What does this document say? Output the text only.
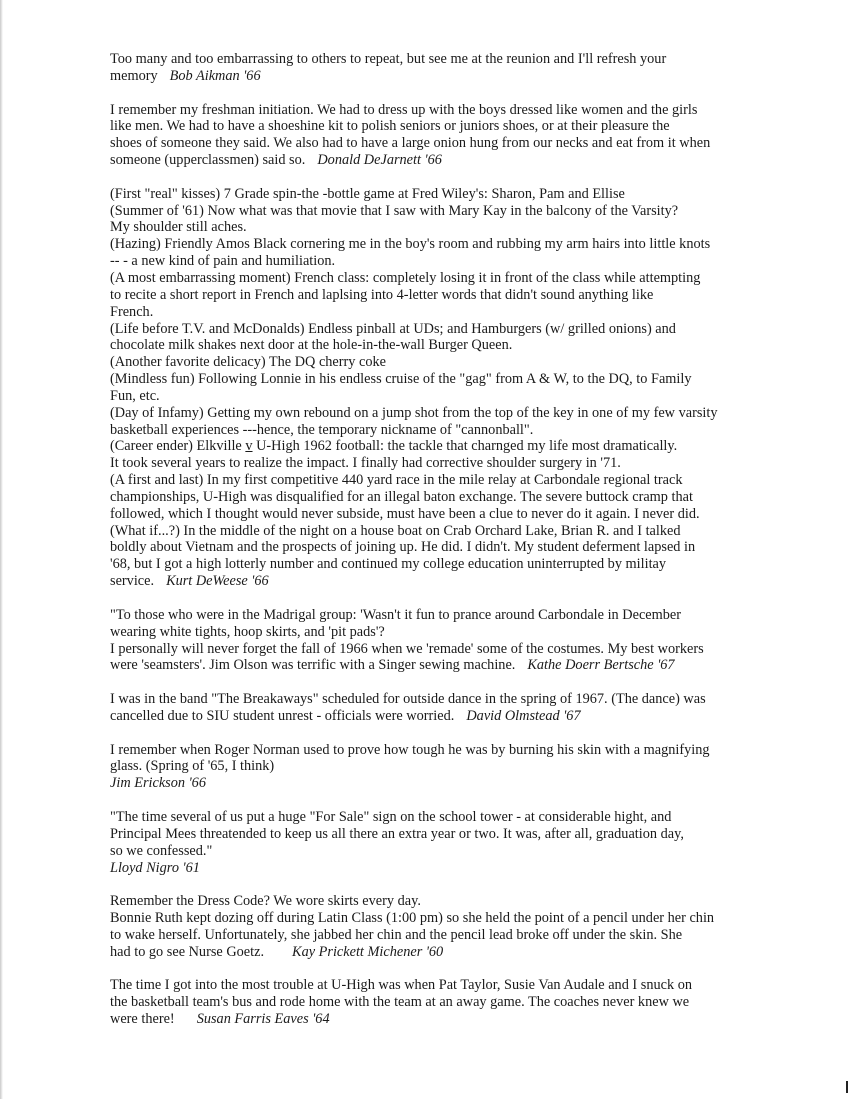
Too many and too embarrassing to others to repeat, but see me at the reunion and I'll refresh your
memory Bob Aikman '66
I remember my freshman initiation. We had to dress up with the boys dressed like women and the girls
like men. We had to have a shoeshine kit to polish seniors or juniors shoes, or at their pleasure the
shoes of someone they said. We also had to have a large onion hung from our necks and eat from it when
someone (upperclassmen) said so. Donald DeJarnett '66
(First "real" kisses) 7 Grade spin-the -bottle game at Fred Wiley's: Sharon, Pam and Ellise
(Summer of '61) Now what was that movie that I saw with Mary Kay in the balcony of the Varsity?
My shoulder still aches.
(Hazing) Friendly Amos Black cornering me in the boy's room and rubbing my arm hairs into little knots
-- - a new kind of pain and humiliation.
(A most embarrassing moment) French class: completely losing it in front of the class while attempting
to recite a short report in French and laplsing into 4-letter words that didn't sound anything like
French.
(Life before T.V. and McDonalds) Endless pinball at UDs; and Hamburgers (w/ grilled onions) and
chocolate milk shakes next door at the hole-in-the-wall Burger Queen.
(Another favorite delicacy) The DQ cherry coke
(Mindless fun) Following Lonnie in his endless cruise of the "gag" from A & W, to the DQ, to Family
Fun, etc.
(Day of Infamy) Getting my own rebound on a jump shot from the top of the key in one of my few varsity
basketball experiences ---hence, the temporary nickname of "cannonball".
(Career ender) Elkville v U-High 1962 football: the tackle that charnged my life most dramatically.
It took several years to realize the impact. I finally had corrective shoulder surgery in '71.
(A first and last) In my first competitive 440 yard race in the mile relay at Carbondale regional track
championships, U-High was disqualified for an illegal baton exchange. The severe buttock cramp that
followed, which I thought would never subside, must have been a clue to never do it again. I never did.
(What if...?) In the middle of the night on a house boat on Crab Orchard Lake, Brian R. and I talked
boldly about Vietnam and the prospects of joining up. He did. I didn't. My student deferment lapsed in
'68, but I got a high lotterly number and continued my college education uninterrupted by militay
service. Kurt DeWeese '66
"To those who were in the Madrigal group: 'Wasn't it fun to prance around Carbondale in December
wearing white tights, hoop skirts, and 'pit pads'?
I personally will never forget the fall of 1966 when we 'remade' some of the costumes. My best workers
were 'seamsters'. Jim Olson was terrific with a Singer sewing machine. Kathe Doerr Bertsche '67
I was in the band "The Breakaways" scheduled for outside dance in the spring of 1967. (The dance) was
cancelled due to SIU student unrest - officials were worried. David Olmstead '67
I remember when Roger Norman used to prove how tough he was by burning his skin with a magnifying
glass. (Spring of '65, I think)
Jim Erickson '66
"The time several of us put a huge "For Sale" sign on the school tower - at considerable hight, and
Principal Mees threatended to keep us all there an extra year or two. It was, after all, graduation day,
so we confessed."
Lloyd Nigro '61
Remember the Dress Code? We wore skirts every day.
Bonnie Ruth kept dozing off during Latin Class (1:00 pm) so she held the point of a pencil under her chin
to wake herself. Unfortunately, she jabbed her chin and the pencil lead broke off under the skin. She
had to go see Nurse Goetz. Kay Prickett Michener '60
The time I got into the most trouble at U-High was when Pat Taylor, Susie Van Audale and I snuck on
the basketball team's bus and rode home with the team at an away game. The coaches never knew we
were there! Susan Farris Eaves '64
